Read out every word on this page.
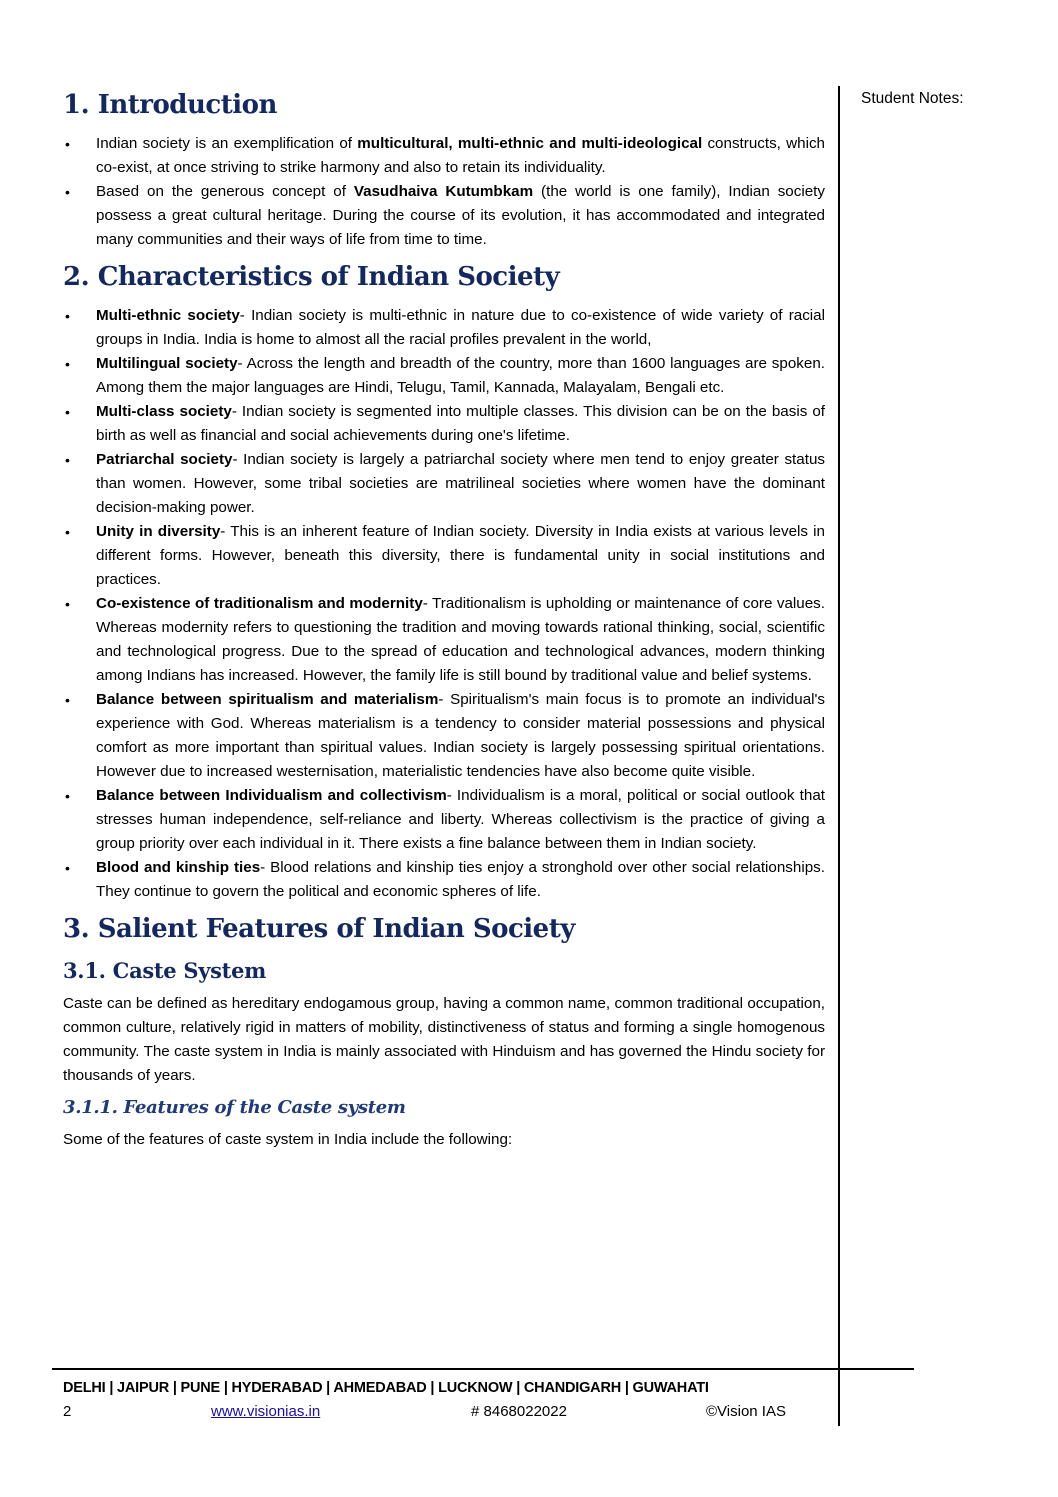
1. Introduction
• Indian society is an exemplification of multicultural, multi-ethnic and multi-ideological constructs, which co-exist, at once striving to strike harmony and also to retain its individuality.
• Based on the generous concept of Vasudhaiva Kutumbkam (the world is one family), Indian society possess a great cultural heritage. During the course of its evolution, it has accommodated and integrated many communities and their ways of life from time to time.
2. Characteristics of Indian Society
• Multi-ethnic society- Indian society is multi-ethnic in nature due to co-existence of wide variety of racial groups in India. India is home to almost all the racial profiles prevalent in the world,
• Multilingual society- Across the length and breadth of the country, more than 1600 languages are spoken. Among them the major languages are Hindi, Telugu, Tamil, Kannada, Malayalam, Bengali etc.
• Multi-class society- Indian society is segmented into multiple classes. This division can be on the basis of birth as well as financial and social achievements during one's lifetime.
• Patriarchal society- Indian society is largely a patriarchal society where men tend to enjoy greater status than women. However, some tribal societies are matrilineal societies where women have the dominant decision-making power.
• Unity in diversity- This is an inherent feature of Indian society. Diversity in India exists at various levels in different forms. However, beneath this diversity, there is fundamental unity in social institutions and practices.
• Co-existence of traditionalism and modernity- Traditionalism is upholding or maintenance of core values. Whereas modernity refers to questioning the tradition and moving towards rational thinking, social, scientific and technological progress. Due to the spread of education and technological advances, modern thinking among Indians has increased. However, the family life is still bound by traditional value and belief systems.
• Balance between spiritualism and materialism- Spiritualism's main focus is to promote an individual's experience with God. Whereas materialism is a tendency to consider material possessions and physical comfort as more important than spiritual values. Indian society is largely possessing spiritual orientations. However due to increased westernisation, materialistic tendencies have also become quite visible.
• Balance between Individualism and collectivism- Individualism is a moral, political or social outlook that stresses human independence, self-reliance and liberty. Whereas collectivism is the practice of giving a group priority over each individual in it. There exists a fine balance between them in Indian society.
• Blood and kinship ties- Blood relations and kinship ties enjoy a stronghold over other social relationships. They continue to govern the political and economic spheres of life.
3. Salient Features of Indian Society
3.1. Caste System

Caste can be defined as hereditary endogamous group, having a common name, common traditional occupation, common culture, relatively rigid in matters of mobility, distinctiveness of status and forming a single homogenous community. The caste system in India is mainly associated with Hinduism and has governed the Hindu society for thousands of years.

3.1.1. Features of the Caste system

Some of the features of caste system in India include the following:

Student Notes:
DELHI | JAIPUR | PUNE | HYDERABAD | AHMEDABAD | LUCKNOW | CHANDIGARH | GUWAHATI
2	www.visionias.in	# 8468022022	©Vision IAS
